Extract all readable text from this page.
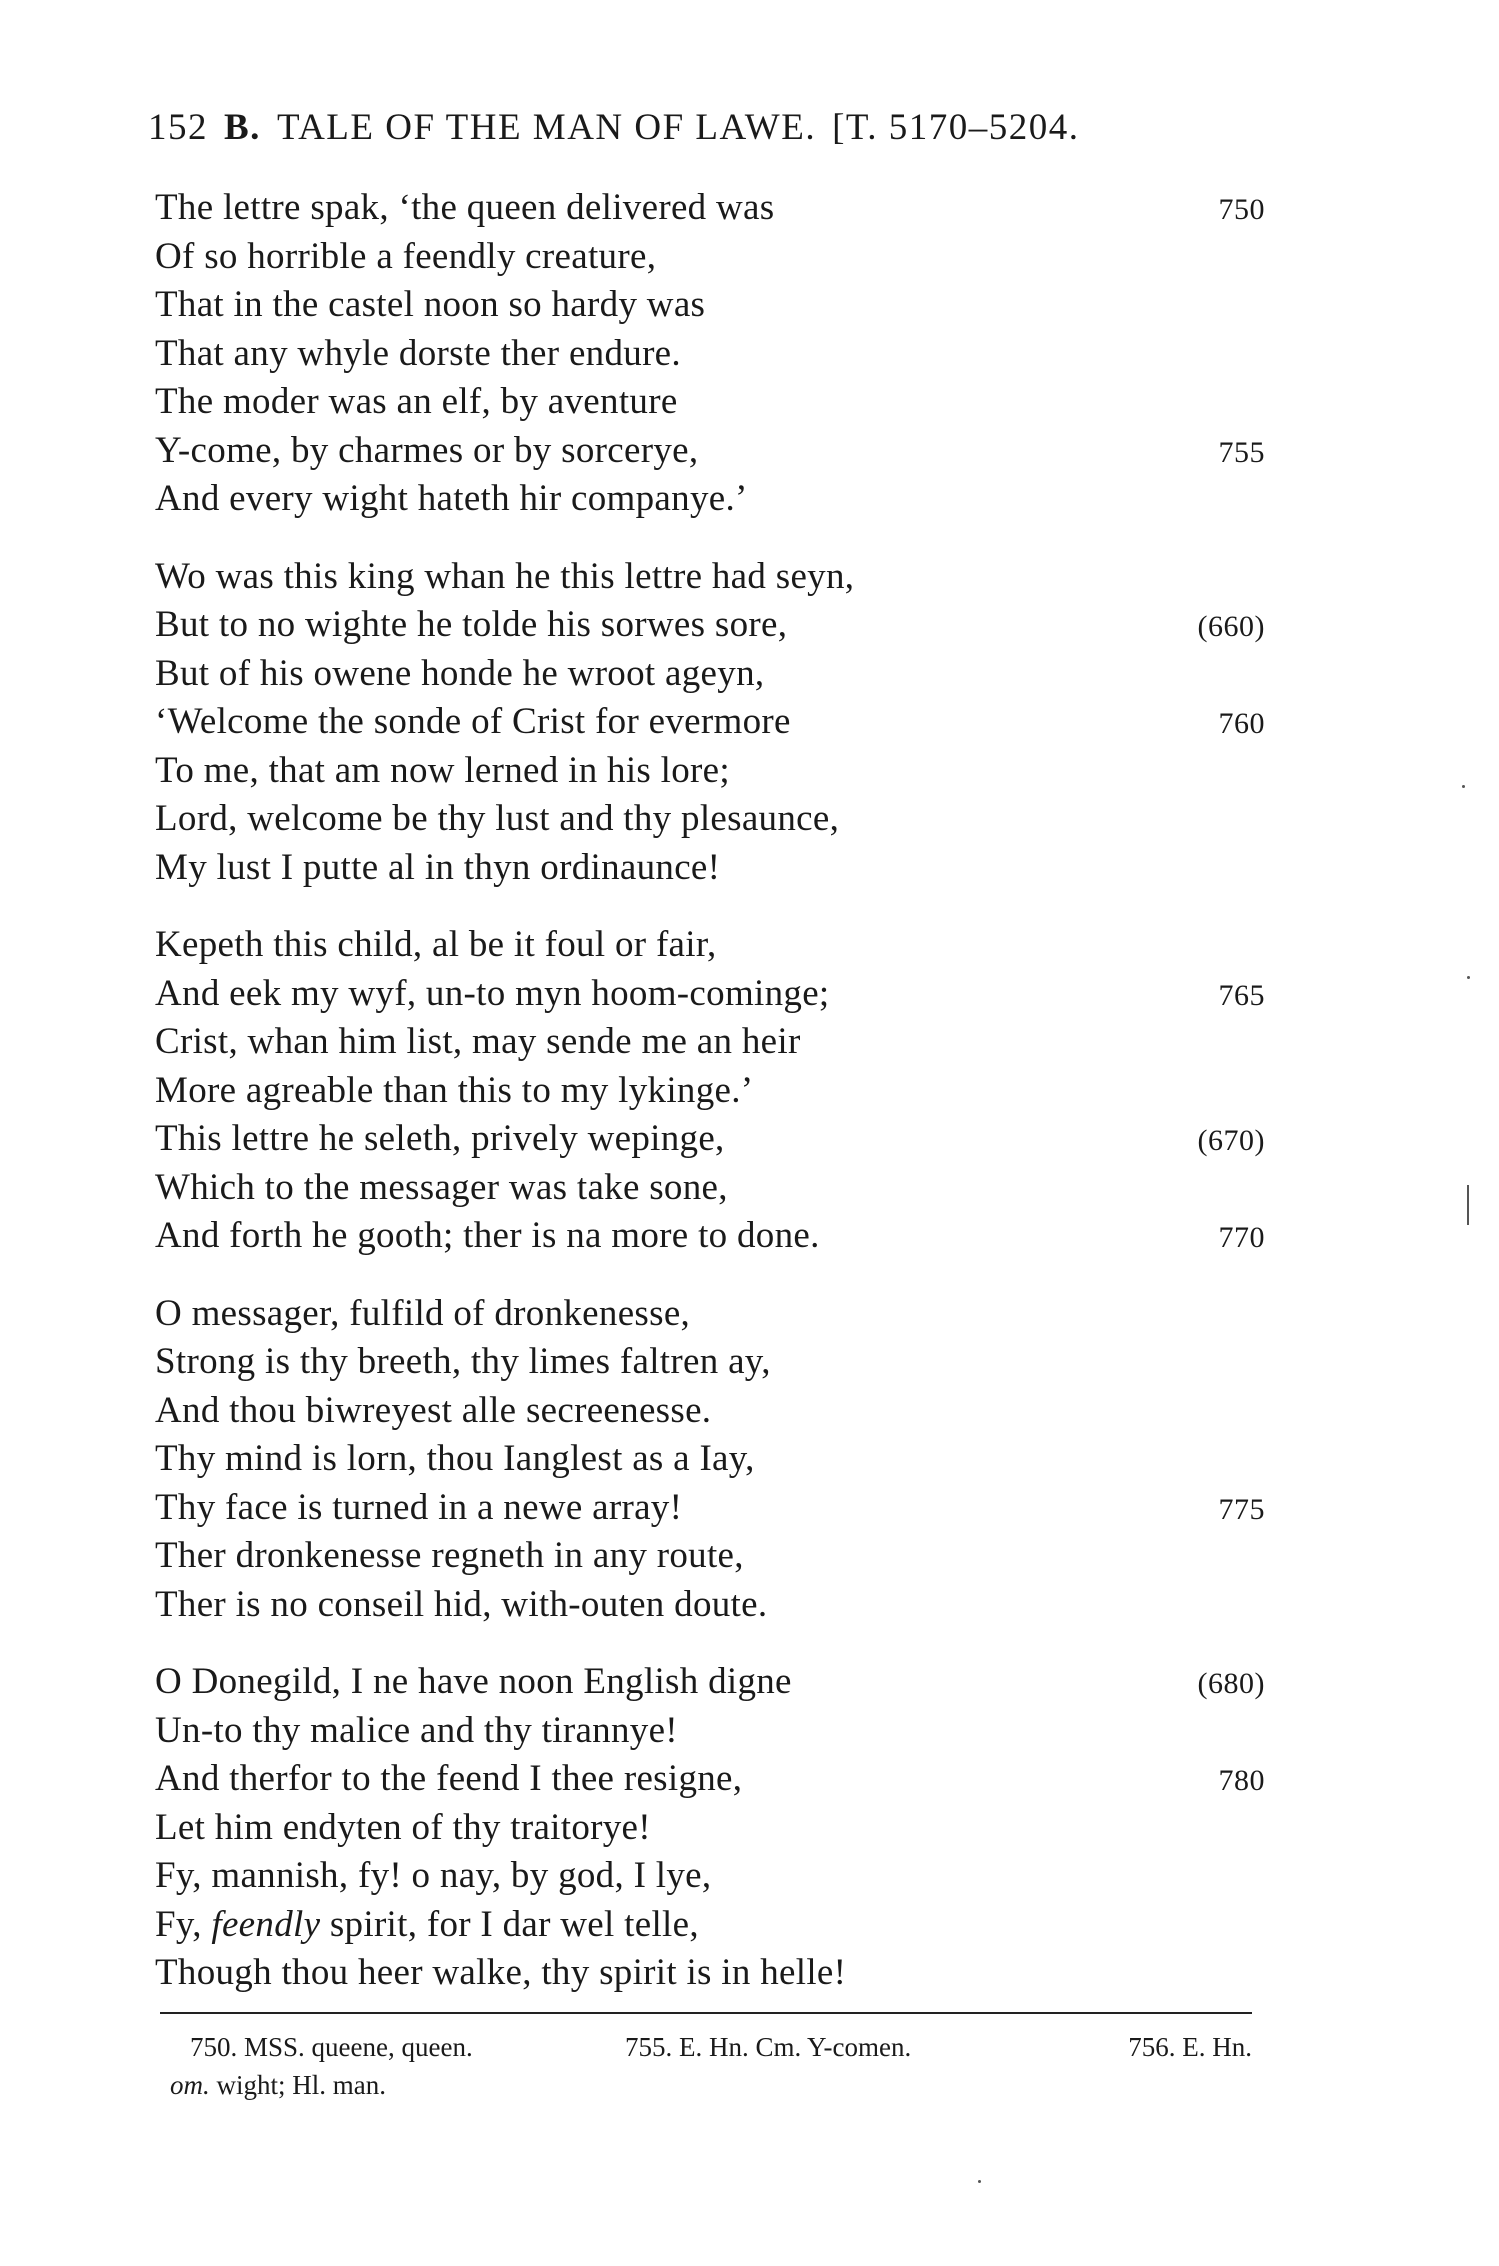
152 B. TALE OF THE MAN OF LAWE. [T. 5170–5204.
The lettre spak, ‘the queen delivered was	750
Of so horrible a feendly creature,
That in the castel noon so hardy was
That any whyle dorste ther endure.
The moder was an elf, by aventure
Y-come, by charmes or by sorcerye,	755
And every wight hateth hir companye.’
Wo was this king whan he this lettre had seyn,
But to no wighte he tolde his sorwes sore,	(660)
But of his owene honde he wroot ageyn,
‘Welcome the sonde of Crist for evermore	760
To me, that am now lerned in his lore;
Lord, welcome be thy lust and thy plesaunce,
My lust I putte al in thyn ordinaunce!
Kepeth this child, al be it foul or fair,
And eek my wyf, un-to myn hoom-cominge;	765
Crist, whan him list, may sende me an heir
More agreable than this to my lykinge.’
This lettre he seleth, prively wepinge,	(670)
Which to the messager was take sone,
And forth he gooth; ther is na more to done.	770
O messager, fulfild of dronkenesse,
Strong is thy breeth, thy limes faltren ay,
And thou biwreyest alle secreenesse.
Thy mind is lorn, thou Ianglest as a Iay,
Thy face is turned in a newe array!	775
Ther dronkenesse regneth in any route,
Ther is no conseil hid, with-outen doute.
O Donegild, I ne have noon English digne	(680)
Un-to thy malice and thy tirannye!
And therfor to the feend I thee resigne,	780
Let him endyten of thy traitorye!
Fy, mannish, fy! o nay, by god, I lye,
Fy, feendly spirit, for I dar wel telle,
Though thou heer walke, thy spirit is in helle!
750. MSS. queene, queen.	755. E. Hn. Cm. Y-comen.	756. E. Hn.
om. wight; Hl. man.
